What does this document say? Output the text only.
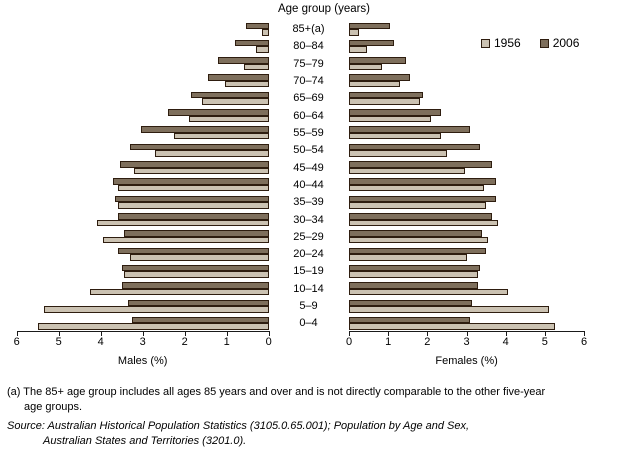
Age group (years)
1956	2006
85+(a)
80–84
75–79
70–74
65–69
60–64
55–59
50–54
45–49
40–44
35–39
30–34
25–29
20–24
15–19
10–14
5–9
0–4
6	5	4	3	2	1	0	0	1	2	3	4	5	6
Males (%)	Females (%)
(a) The 85+ age group includes all ages 85 years and over and is not directly comparable to the other five-year
age groups.
Source: Australian Historical Population Statistics (3105.0.65.001); Population by Age and Sex,
Australian States and Territories (3201.0).
